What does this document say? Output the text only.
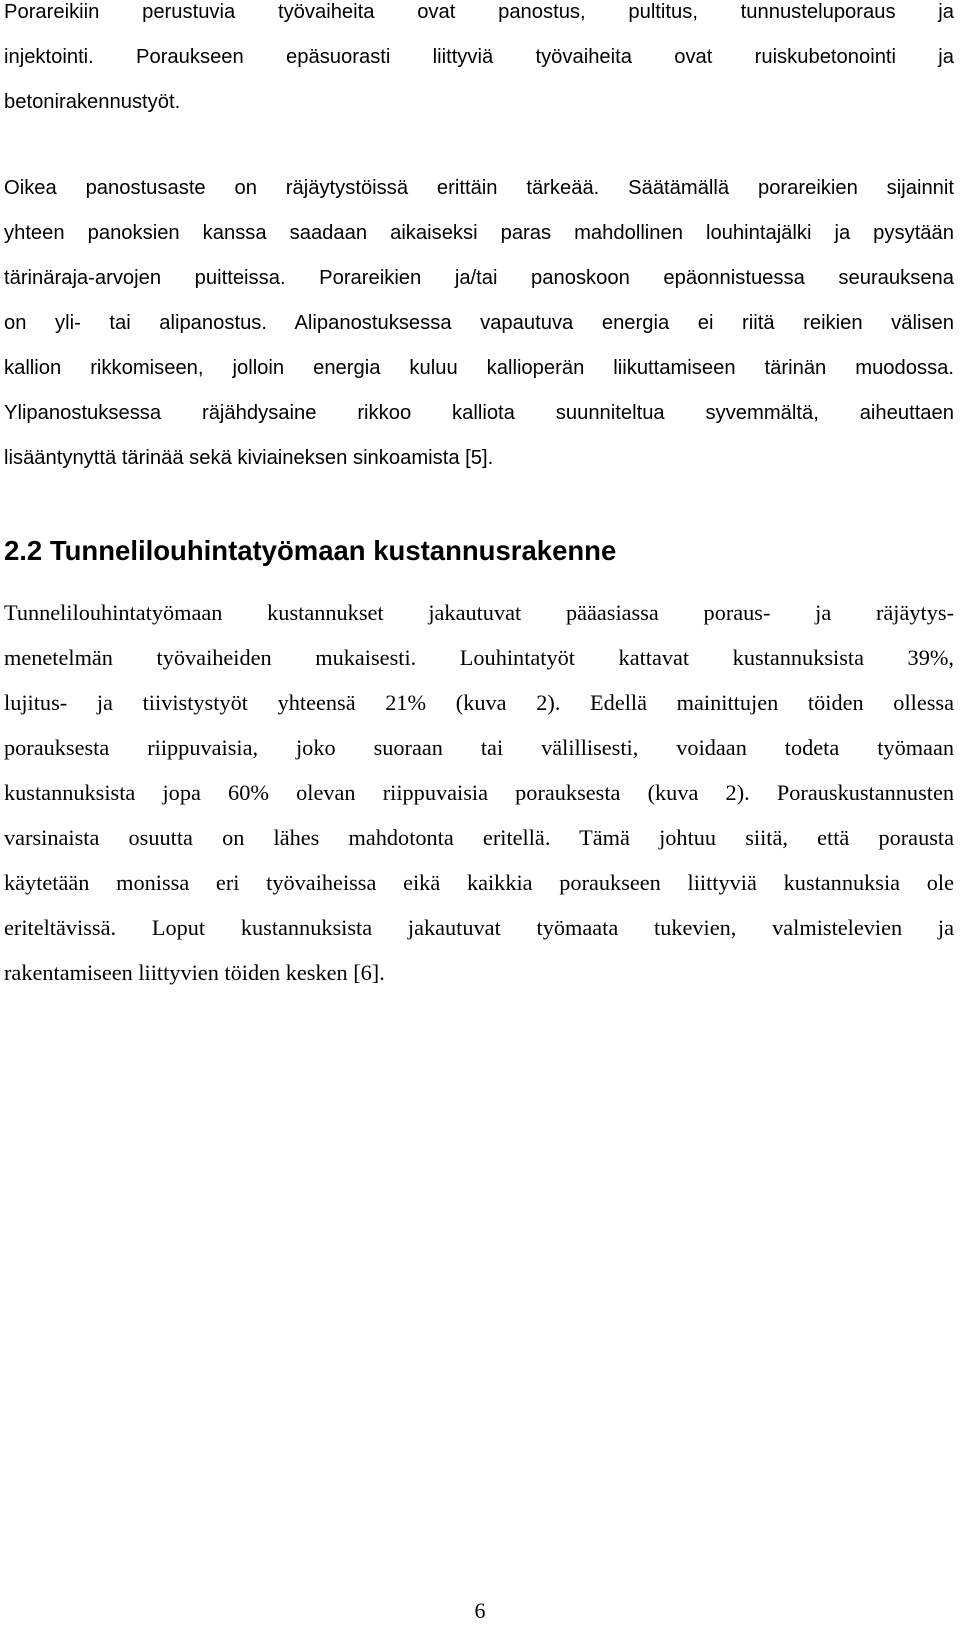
Porareikiin perustuvia työvaiheita ovat panostus, pultitus, tunnusteluporaus ja
injektointi. Poraukseen epäsuorasti liittyviä työvaiheita ovat ruiskubetonointi ja
betonirakennustyöt.
Oikea panostusaste on räjäytystöissä erittäin tärkeää. Säätämällä porareikien sijainnit
yhteen panoksien kanssa saadaan aikaiseksi paras mahdollinen louhintajälki ja pysytään
tärinäraja-arvojen puitteissa. Porareikien ja/tai panoskoon epäonnistuessa seurauksena
on yli- tai alipanostus. Alipanostuksessa vapautuva energia ei riitä reikien välisen
kallion rikkomiseen, jolloin energia kuluu kallioperän liikuttamiseen tärinän muodossa.
Ylipanostuksessa räjähdysaine rikkoo kalliota suunniteltua syvemmältä, aiheuttaen
lisääntynyttä tärinää sekä kiviaineksen sinkoamista [5].
2.2 Tunnelilouhintatyömaan kustannusrakenne
Tunnelilouhintatyömaan kustannukset jakautuvat pääasiassa poraus- ja räjäytys-
menetelmän työvaiheiden mukaisesti. Louhintatyöt kattavat kustannuksista 39%,
lujitus- ja tiivistystyöt yhteensä 21% (kuva 2). Edellä mainittujen töiden ollessa
porauksesta riippuvaisia, joko suoraan tai välillisesti, voidaan todeta työmaan
kustannuksista jopa 60% olevan riippuvaisia porauksesta (kuva 2). Porauskustannusten
varsinaista osuutta on lähes mahdotonta eritellä. Tämä johtuu siitä, että poraustа
käytetään monissa eri työvaiheissa eikä kaikkia poraukseen liittyviä kustannuksia ole
eriteltävissä. Loput kustannuksista jakautuvat työmaata tukevien, valmistelevien ja
rakentamiseen liittyvien töiden kesken [6].
6
